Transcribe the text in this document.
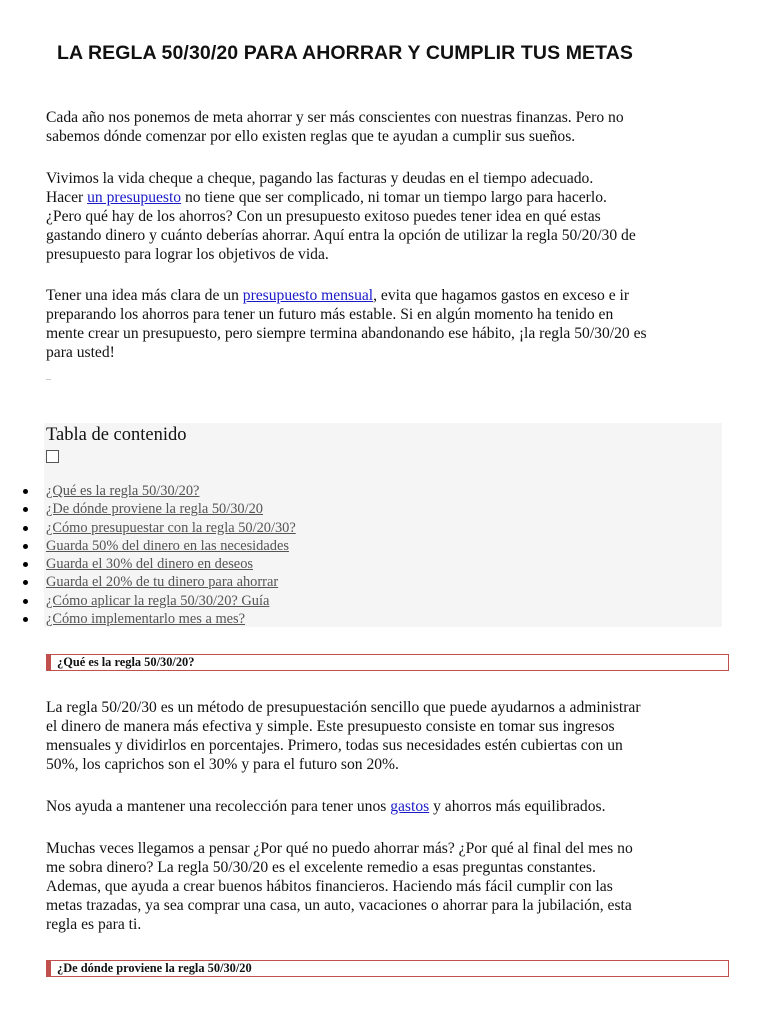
LA REGLA 50/30/20 PARA AHORRAR Y CUMPLIR TUS METAS
Cada año nos ponemos de meta ahorrar y ser más conscientes con nuestras finanzas. Pero no
sabemos dónde comenzar por ello existen reglas que te ayudan a cumplir sus sueños.
Vivimos la vida cheque a cheque, pagando las facturas y deudas en el tiempo adecuado.
Hacer un presupuesto no tiene que ser complicado, ni tomar un tiempo largo para hacerlo.
¿Pero qué hay de los ahorros? Con un presupuesto exitoso puedes tener idea en qué estas
gastando dinero y cuánto deberías ahorrar. Aquí entra la opción de utilizar la regla 50/20/30 de
presupuesto para lograr los objetivos de vida.
Tener una idea más clara de un presupuesto mensual, evita que hagamos gastos en exceso e ir
preparando los ahorros para tener un futuro más estable. Si en algún momento ha tenido en
mente crear un presupuesto, pero siempre termina abandonando ese hábito, ¡la regla 50/30/20 es
para usted!
–
Tabla de contenido
¿Qué es la regla 50/30/20?
¿De dónde proviene la regla 50/30/20
¿Cómo presupuestar con la regla 50/20/30?
Guarda 50% del dinero en las necesidades
Guarda el 30% del dinero en deseos
Guarda el 20% de tu dinero para ahorrar
¿Cómo aplicar la regla 50/30/20? Guía
¿Cómo implementarlo mes a mes?
¿Qué es la regla 50/30/20?
La regla 50/20/30 es un método de presupuestación sencillo que puede ayudarnos a administrar
el dinero de manera más efectiva y simple. Este presupuesto consiste en tomar sus ingresos
mensuales y dividirlos en porcentajes. Primero, todas sus necesidades estén cubiertas con un
50%, los caprichos son el 30% y para el futuro son 20%.
Nos ayuda a mantener una recolección para tener unos gastos y ahorros más equilibrados.
Muchas veces llegamos a pensar ¿Por qué no puedo ahorrar más? ¿Por qué al final del mes no
me sobra dinero? La regla 50/30/20 es el excelente remedio a esas preguntas constantes.
Ademas, que ayuda a crear buenos hábitos financieros. Haciendo más fácil cumplir con las
metas trazadas, ya sea comprar una casa, un auto, vacaciones o ahorrar para la jubilación, esta
regla es para ti.
¿De dónde proviene la regla 50/30/20
